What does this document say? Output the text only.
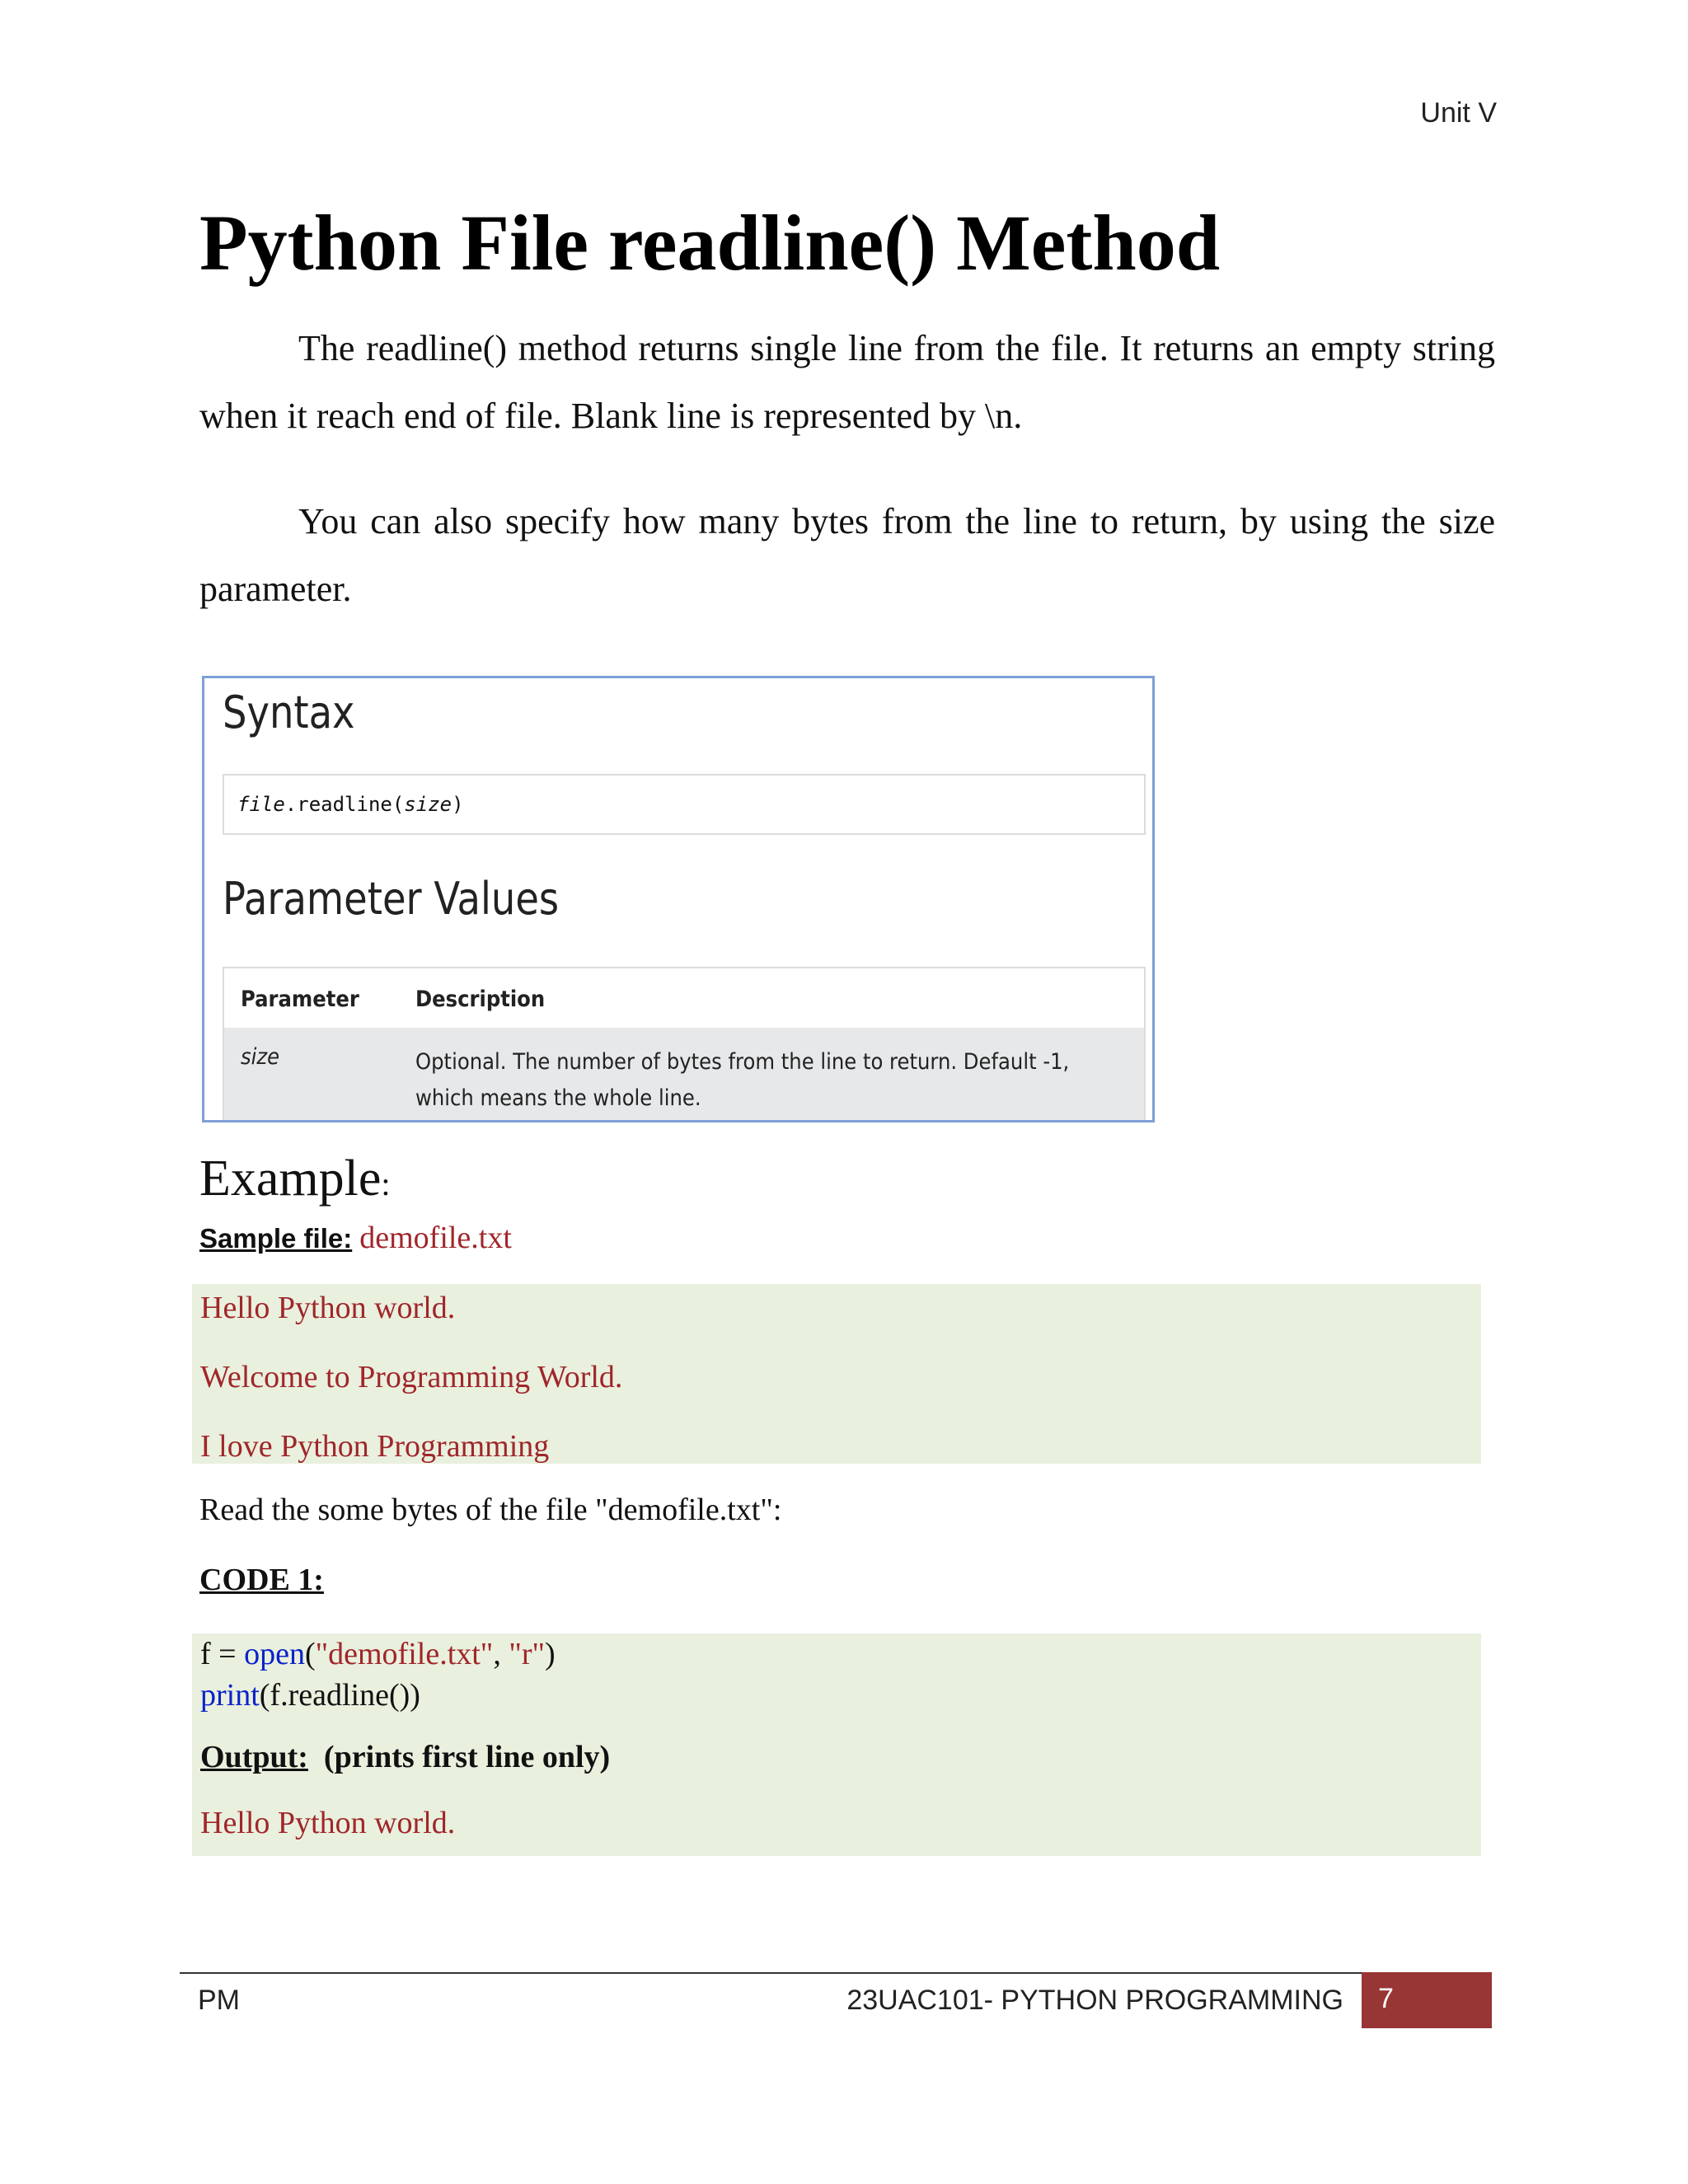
Unit V
Python File readline() Method
The readline() method returns single line from the file. It returns an empty string when it reach end of file. Blank line is represented by \n.
You can also specify how many bytes from the line to return, by using the size parameter.
Syntax
file.readline(size)
Parameter Values
Parameter	Description
size	Optional. The number of bytes from the line to return. Default -1, which means the whole line.
Example:
Sample file: demofile.txt
Hello Python world.
Welcome to Programming World.
I love Python Programming
Read the some bytes of the file "demofile.txt":
CODE 1:
f = open("demofile.txt", "r")
print(f.readline())
Output: (prints first line only)
Hello Python world.
PM	23UAC101- PYTHON PROGRAMMING	7
